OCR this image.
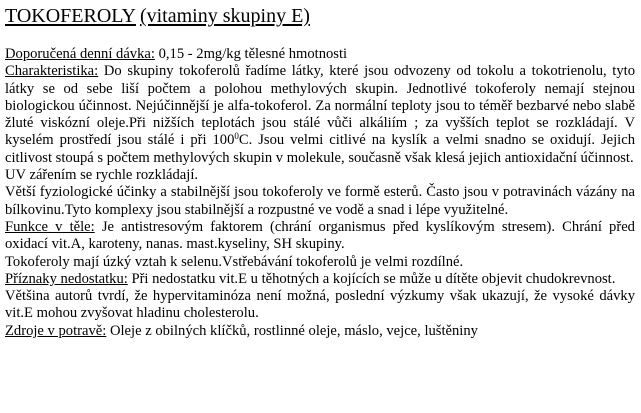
TOKOFEROLY (vitaminy skupiny E)

Doporučená denní dávka: 0,15 - 2mg/kg tělesné hmotnosti

Charakteristika: Do skupiny tokoferolů řadíme látky, které jsou odvozeny od tokolu a tokotrienolu, tyto látky se od sebe liší počtem a polohou methylových skupin. Jednotlivé tokoferoly nemají stejnou biologickou účinnost. Nejúčinnější je alfa-tokoferol. Za normální teploty jsou to téměř bezbarvé nebo slabě žluté viskózní oleje.Při nižších teplotách jsou stálé vůči alkáliím ; za vyšších teplot se rozkládají. V kyselém prostředí jsou stálé i při $100^0C$. Jsou velmi citlivé na kyslík a velmi snadno se oxidují. Jejich citlivost stoupá s počtem methylových skupin v molekule, současně však klesá jejich antioxidační účinnost.

UV zářením se rychle rozkládají.

Větší fyziologické účinky a stabilnější jsou tokoferoly ve formě esterů. Často jsou v potravinách vázány na bílkovinu.Tyto komplexy jsou stabilnější a rozpustné ve vodě a snad i lépe využitelné.

Funkce v těle: Je antistresovým faktorem (chrání organismus před kyslíkovým stresem). Chrání před oxidací vit.A, karoteny, nanas. mast.kyseliny, SH skupiny.

Tokoferoly mají úzký vztah k selenu.Vstřebávání tokoferolů je velmi rozdílné.

Příznaky nedostatku: Při nedostatku vit.E u těhotných a kojících se může u dítěte objevit chudokrevnost.

Většina autorů tvrdí, že hypervitaminóza není možná, poslední výzkumy však ukazují, že vysoké dávky vit.E mohou zvyšovat hladinu cholesterolu.

Zdroje v potravě: Oleje z obilných klíčků, rostlinné oleje, máslo, vejce, luštěniny
